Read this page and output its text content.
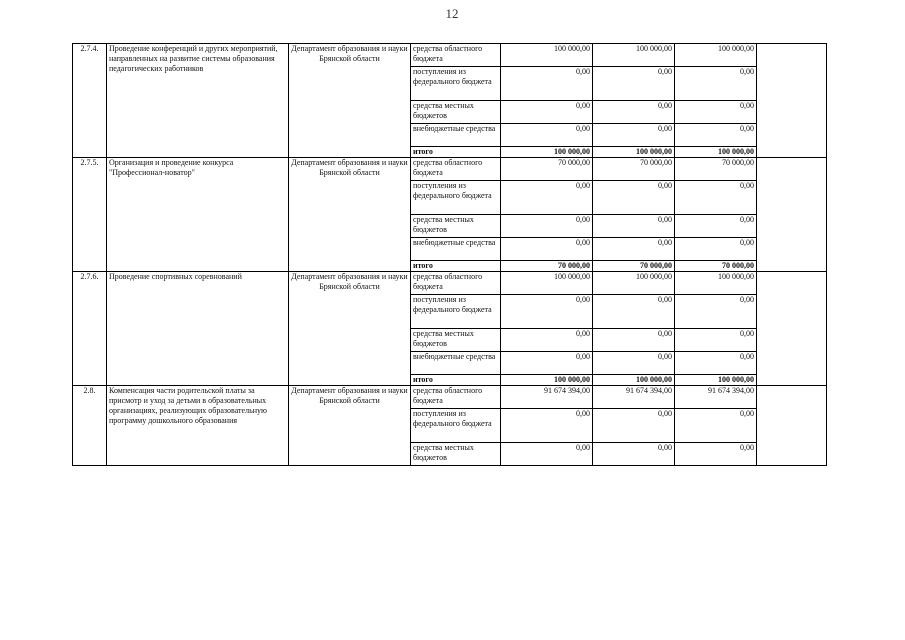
12
2.7.4.	Проведение конференций и других мероприятий, направленных на развитие системы образования педагогических работников	Департамент образования и науки Брянской области	средства областного бюджета	100 000,00	100 000,00	100 000,00	
			поступления из федерального бюджета	0,00	0,00	0,00	
			средства местных бюджетов	0,00	0,00	0,00	
			внебюджетные средства	0,00	0,00	0,00	
			итого	100 000,00	100 000,00	100 000,00	
2.7.5.	Организация и проведение конкурса "Профессионал-новатор"	Департамент образования и науки Брянской области	средства областного бюджета	70 000,00	70 000,00	70 000,00	
			поступления из федерального бюджета	0,00	0,00	0,00	
			средства местных бюджетов	0,00	0,00	0,00	
			внебюджетные средства	0,00	0,00	0,00	
			итого	70 000,00	70 000,00	70 000,00	
2.7.6.	Проведение спортивных соревнований	Департамент образования и науки Брянской области	средства областного бюджета	100 000,00	100 000,00	100 000,00	
			поступления из федерального бюджета	0,00	0,00	0,00	
			средства местных бюджетов	0,00	0,00	0,00	
			внебюджетные средства	0,00	0,00	0,00	
			итого	100 000,00	100 000,00	100 000,00	
2.8.	Компенсация части родительской платы за присмотр и уход за детьми в образовательных организациях, реализующих образовательную программу дошкольного образования	Департамент образования и науки Брянской области	средства областного бюджета	91 674 394,00	91 674 394,00	91 674 394,00	
			поступления из федерального бюджета	0,00	0,00	0,00	
			средства местных бюджетов	0,00	0,00	0,00	
